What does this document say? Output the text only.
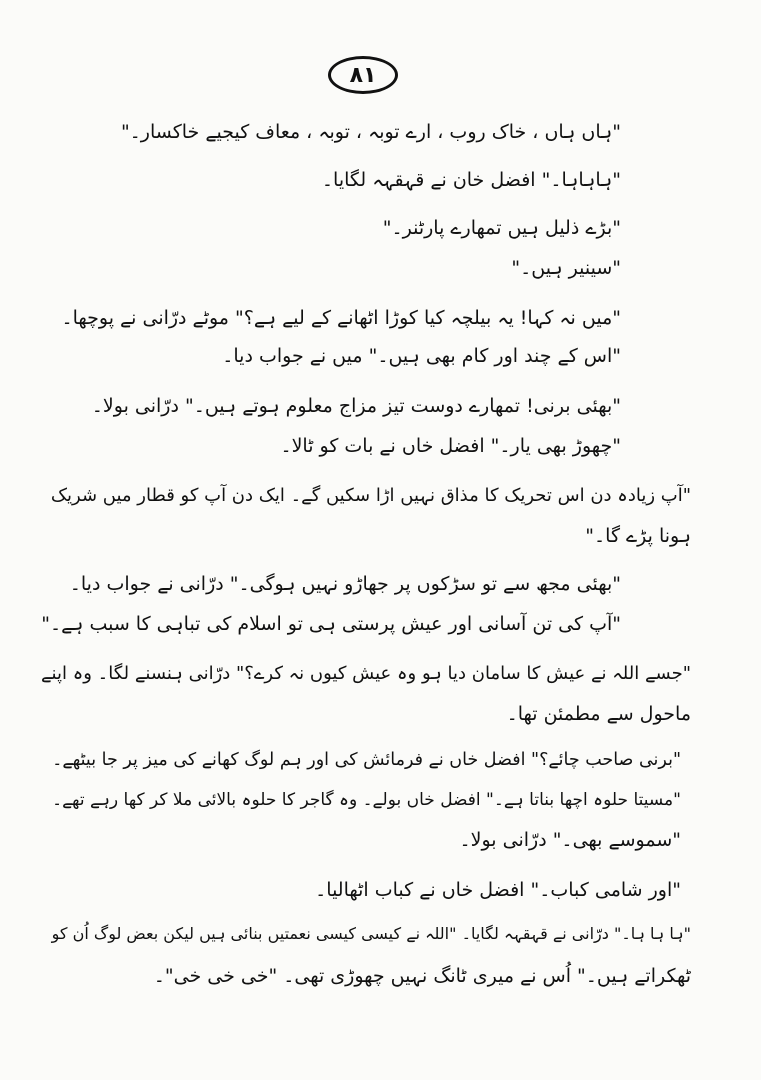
۸۱
"ہاں ہاں ، خاک روب ، ارے توبہ ، توبہ ، معاف کیجیے خاکسار۔"
"ہاہاہا۔" افضل خان نے قہقہہ لگایا۔
"بڑے ذلیل ہیں تمھارے پارٹنر۔"
"سینیر ہیں۔"
"میں نہ کہا! یہ بیلچہ کیا کوڑا اٹھانے کے لیے ہے؟" موٹے درّانی نے پوچھا۔
"اس کے چند اور کام بھی ہیں۔" میں نے جواب دیا۔
"بھئی برنی! تمھارے دوست تیز مزاج معلوم ہوتے ہیں۔" درّانی بولا۔
"چھوڑ بھی یار۔" افضل خاں نے بات کو ٹالا۔
"آپ زیادہ دن اس تحریک کا مذاق نہیں اڑا سکیں گے۔ ایک دن آپ کو قطار میں شریک
ہونا پڑے گا۔"
"بھئی مجھ سے تو سڑکوں پر جھاڑو نہیں ہوگی۔" درّانی نے جواب دیا۔
"آپ کی تن آسانی اور عیش پرستی ہی تو اسلام کی تباہی کا سبب ہے۔"
"جسے اللہ نے عیش کا سامان دیا ہو وہ عیش کیوں نہ کرے؟" درّانی ہنسنے لگا۔ وہ اپنے
ماحول سے مطمئن تھا۔
"برنی صاحب چائے؟" افضل خاں نے فرمائش کی اور ہم لوگ کھانے کی میز پر جا بیٹھے۔
"مسیتا حلوہ اچھا بناتا ہے۔" افضل خاں بولے۔ وہ گاجر کا حلوہ بالائی ملا کر کھا رہے تھے۔
"سموسے بھی۔" درّانی بولا۔
"اور شامی کباب۔" افضل خاں نے کباب اٹھالیا۔
"ہا ہا ہا۔" درّانی نے قہقہہ لگایا۔ "اللہ نے کیسی کیسی نعمتیں بنائی ہیں لیکن بعض لوگ اُن کو
ٹھکراتے ہیں۔" اُس نے میری ٹانگ نہیں چھوڑی تھی۔ "خی خی خی"۔
